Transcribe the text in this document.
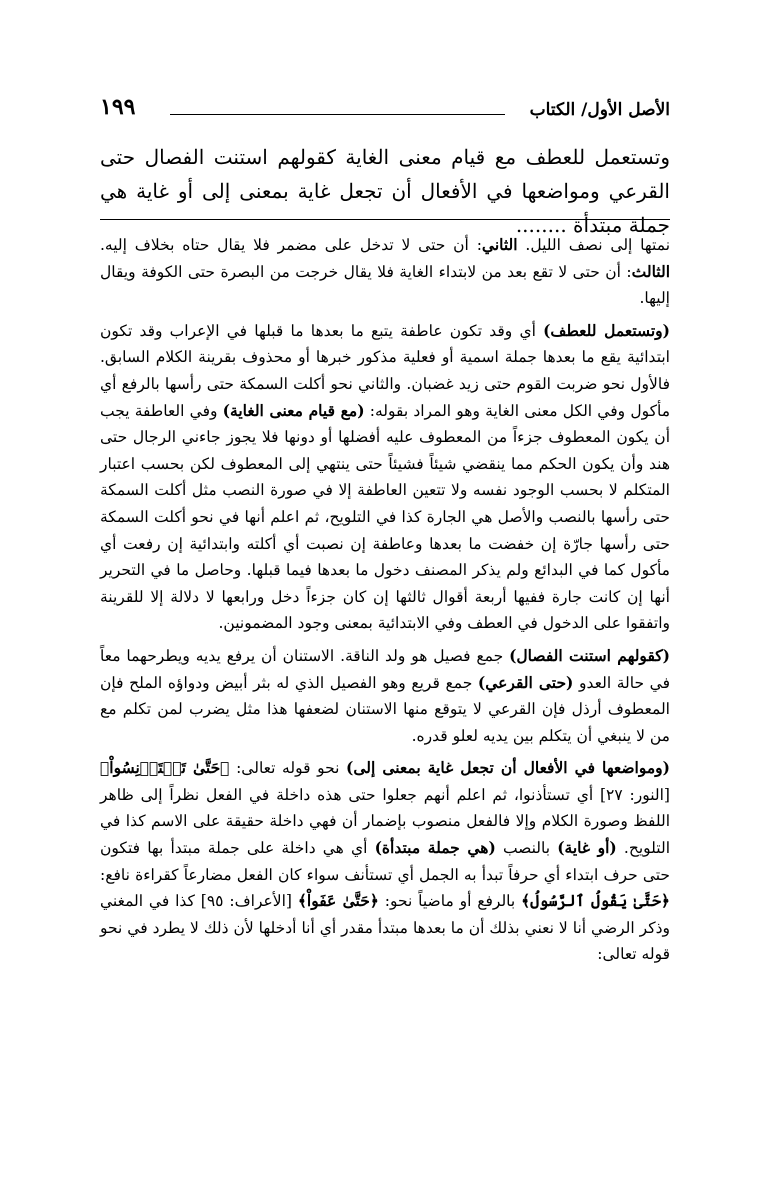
الأصل الأول/ الكتاب
١٩٩
وتستعمل للعطف مع قيام معنى الغاية كقولهم استنت الفصال حتى القرعي ومواضعها في الأفعال أن تجعل غاية بمعنى إلى أو غاية هي جملة مبتدأة ........

نمتها إلى نصف الليل. الثاني: أن حتى لا تدخل على مضمر فلا يقال حتاه بخلاف إليه. الثالث: أن حتى لا تقع بعد من لابتداء الغاية فلا يقال خرجت من البصرة حتى الكوفة ويقال إليها.

(وتستعمل للعطف) أي وقد تكون عاطفة يتبع ما بعدها ما قبلها في الإعراب وقد تكون ابتدائية يقع ما بعدها جملة اسمية أو فعلية مذكور خبرها أو محذوف بقرينة الكلام السابق. فالأول نحو ضربت القوم حتى زيد غضبان. والثاني نحو أكلت السمكة حتى رأسها بالرفع أي مأكول وفي الكل معنى الغاية وهو المراد بقوله: (مع قيام معنى الغاية) وفي العاطفة يجب أن يكون المعطوف جزءاً من المعطوف عليه أفضلها أو دونها فلا يجوز جاءني الرجال حتى هند وأن يكون الحكم مما ينقضي شيئاً فشيئاً حتى ينتهي إلى المعطوف لكن بحسب اعتبار المتكلم لا بحسب الوجود نفسه ولا تتعين العاطفة إلا في صورة النصب مثل أكلت السمكة حتى رأسها بالنصب والأصل هي الجارة كذا في التلويح، ثم اعلم أنها في نحو أكلت السمكة حتى رأسها جارّة إن خفضت ما بعدها وعاطفة إن نصبت أي أكلته وابتدائية إن رفعت أي مأكول كما في البدائع ولم يذكر المصنف دخول ما بعدها فيما قبلها. وحاصل ما في التحرير أنها إن كانت جارة ففيها أربعة أقوال ثالثها إن كان جزءاً دخل ورابعها لا دلالة إلا للقرينة واتفقوا على الدخول في العطف وفي الابتدائية بمعنى وجود المضمونين.

(كقولهم استنت الفصال) جمع فصيل هو ولد الناقة. الاستنان أن يرفع يديه ويطرحهما معاً في حالة العدو (حتى القرعي) جمع قريع وهو الفصيل الذي له بثر أبيض ودواؤه الملح فإن المعطوف أرذل فإن القرعي لا يتوقع منها الاستنان لضعفها هذا مثل يضرب لمن تكلم مع من لا ينبغي أن يتكلم بين يديه لعلو قدره.

(ومواضعها في الأفعال أن تجعل غاية بمعنى إلى) نحو قوله تعالى: ﴿حَتَّىٰ تَسۡتَأۡنِسُواْ﴾ [النور: ٢٧] أي تستأذنوا، ثم اعلم أنهم جعلوا حتى هذه داخلة في الفعل نظراً إلى ظاهر اللفظ وصورة الكلام وإلا فالفعل منصوب بإضمار أن فهي داخلة حقيقة على الاسم كذا في التلويح. (أو غاية) بالنصب (هي جملة مبتدأة) أي هي داخلة على جملة مبتدأ بها فتكون حتى حرف ابتداء أي حرفاً تبدأ به الجمل أي تستأنف سواء كان الفعل مضارعاً كقراءة نافع: ﴿حَتَّىٰ يَقُولُ ٱلرَّسُولُ﴾ بالرفع أو ماضياً نحو: ﴿حَتَّىٰ عَفَواْ﴾ [الأعراف: ٩٥] كذا في المغني وذكر الرضي أنا لا نعني بذلك أن ما بعدها مبتدأ مقدر أي أنا أدخلها لأن ذلك لا يطرد في نحو قوله تعالى:
